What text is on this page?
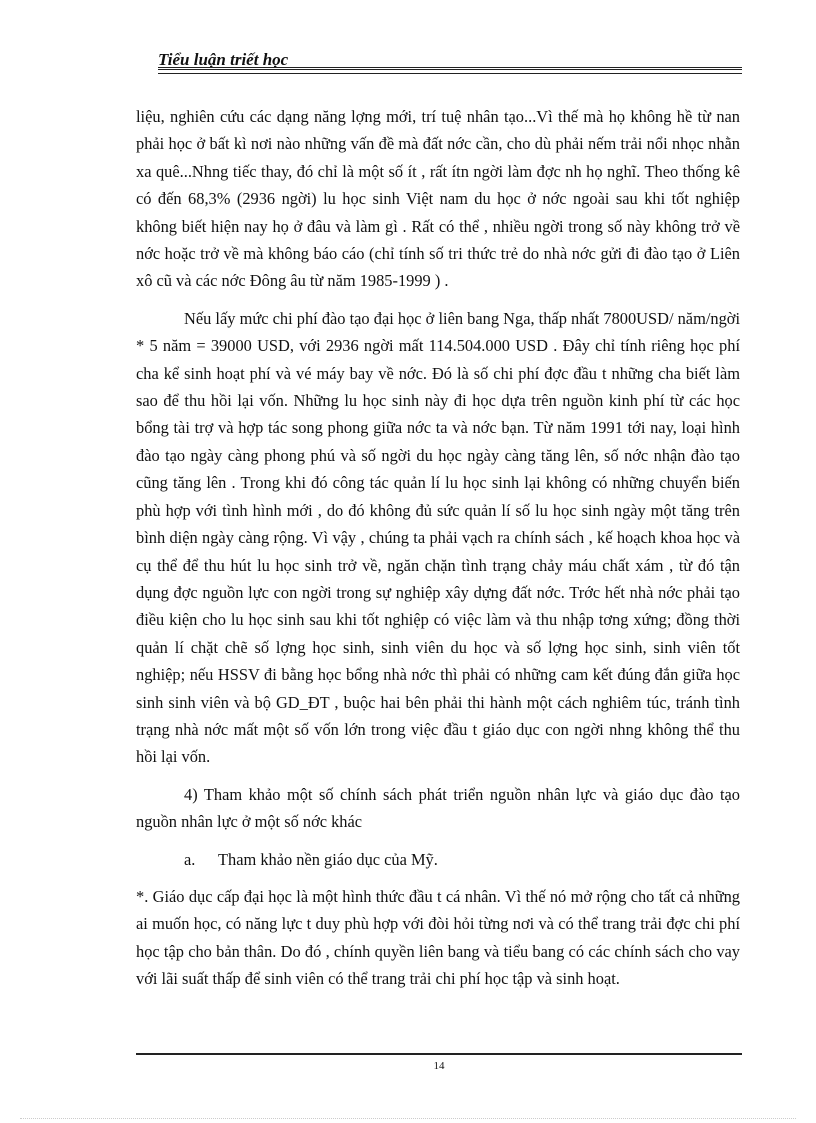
Tiểu luận triết học

liệu, nghiên cứu các dạng năng lợng mới, trí tuệ nhân tạo...Vì thế mà họ không hề từ nan phải học ở bất kì nơi nào những vấn đề mà đất nớc cần, cho dù phải nếm trải nổi nhọc nhằn xa quê...Nhng tiếc thay, đó chỉ là một số ít , rất ítn ngời làm đợc nh họ nghĩ. Theo thống kê có đến 68,3% (2936 ngời) lu học sinh Việt nam du học ở nớc ngoài sau khi tốt nghiệp không biết hiện nay họ ở đâu và làm gì . Rất có thể , nhiều ngời trong số này không trở về nớc hoặc trở về mà không báo cáo (chỉ tính số tri thức trẻ do nhà nớc gửi đi đào tạo ở Liên xô cũ và các nớc Đông âu từ năm 1985-1999 ) .

Nếu lấy mức chi phí đào tạo đại học ở liên bang Nga, thấp nhất 7800USD/ năm/ngời * 5 năm = 39000 USD, với 2936 ngời mất 114.504.000 USD . Đây chỉ tính riêng học phí cha kể sinh hoạt phí và vé máy bay về nớc. Đó là số chi phí đợc đầu t những cha biết làm sao để thu hồi lại vốn. Những lu học sinh này đi học dựa trên nguồn kinh phí từ các học bổng tài trợ và hợp tác song phong giữa nớc ta và nớc bạn. Từ năm 1991 tới nay, loại hình đào tạo ngày càng phong phú và số ngời du học ngày càng tăng lên, số nớc nhận đào tạo cũng tăng lên . Trong khi đó công tác quản lí lu học sinh lại không có những chuyển biến phù hợp với tình hình mới , do đó không đủ sức quản lí số lu học sinh ngày một tăng trên bình diện ngày càng rộng. Vì vậy , chúng ta phải vạch ra chính sách , kế hoạch khoa học và cụ thể để thu hút lu học sinh trở về, ngăn chặn tình trạng chảy máu chất xám , từ đó tận dụng đợc nguồn lực con ngời trong sự nghiệp xây dựng đất nớc. Trớc hết nhà nớc phải tạo điều kiện cho lu học sinh sau khi tốt nghiệp có việc làm và thu nhập tơng xứng; đồng thời quản lí chặt chẽ số lợng học sinh, sinh viên du học và số lợng học sinh, sinh viên tốt nghiệp; nếu HSSV đi bằng học bổng nhà nớc thì phải có những cam kết đúng đắn giữa học sinh sinh viên và bộ GD_ĐT , buộc hai bên phải thi hành một cách nghiêm túc, tránh tình trạng nhà nớc mất một số vốn lớn trong việc đầu t giáo dục con ngời nhng không thể thu hồi lại vốn.

4) Tham khảo một số chính sách phát triển nguồn nhân lực và giáo dục đào tạo nguồn nhân lực ở một số nớc khác

a. Tham khảo nền giáo dục của Mỹ.

*. Giáo dục cấp đại học là một hình thức đầu t cá nhân. Vì thế nó mở rộng cho tất cả những ai muốn học, có năng lực t duy phù hợp với đòi hỏi từng nơi và có thể trang trải đợc chi phí học tập cho bản thân. Do đó , chính quyền liên bang và tiểu bang có các chính sách cho vay với lãi suất thấp để sinh viên có thể trang trải chi phí học tập và sinh hoạt.

14
